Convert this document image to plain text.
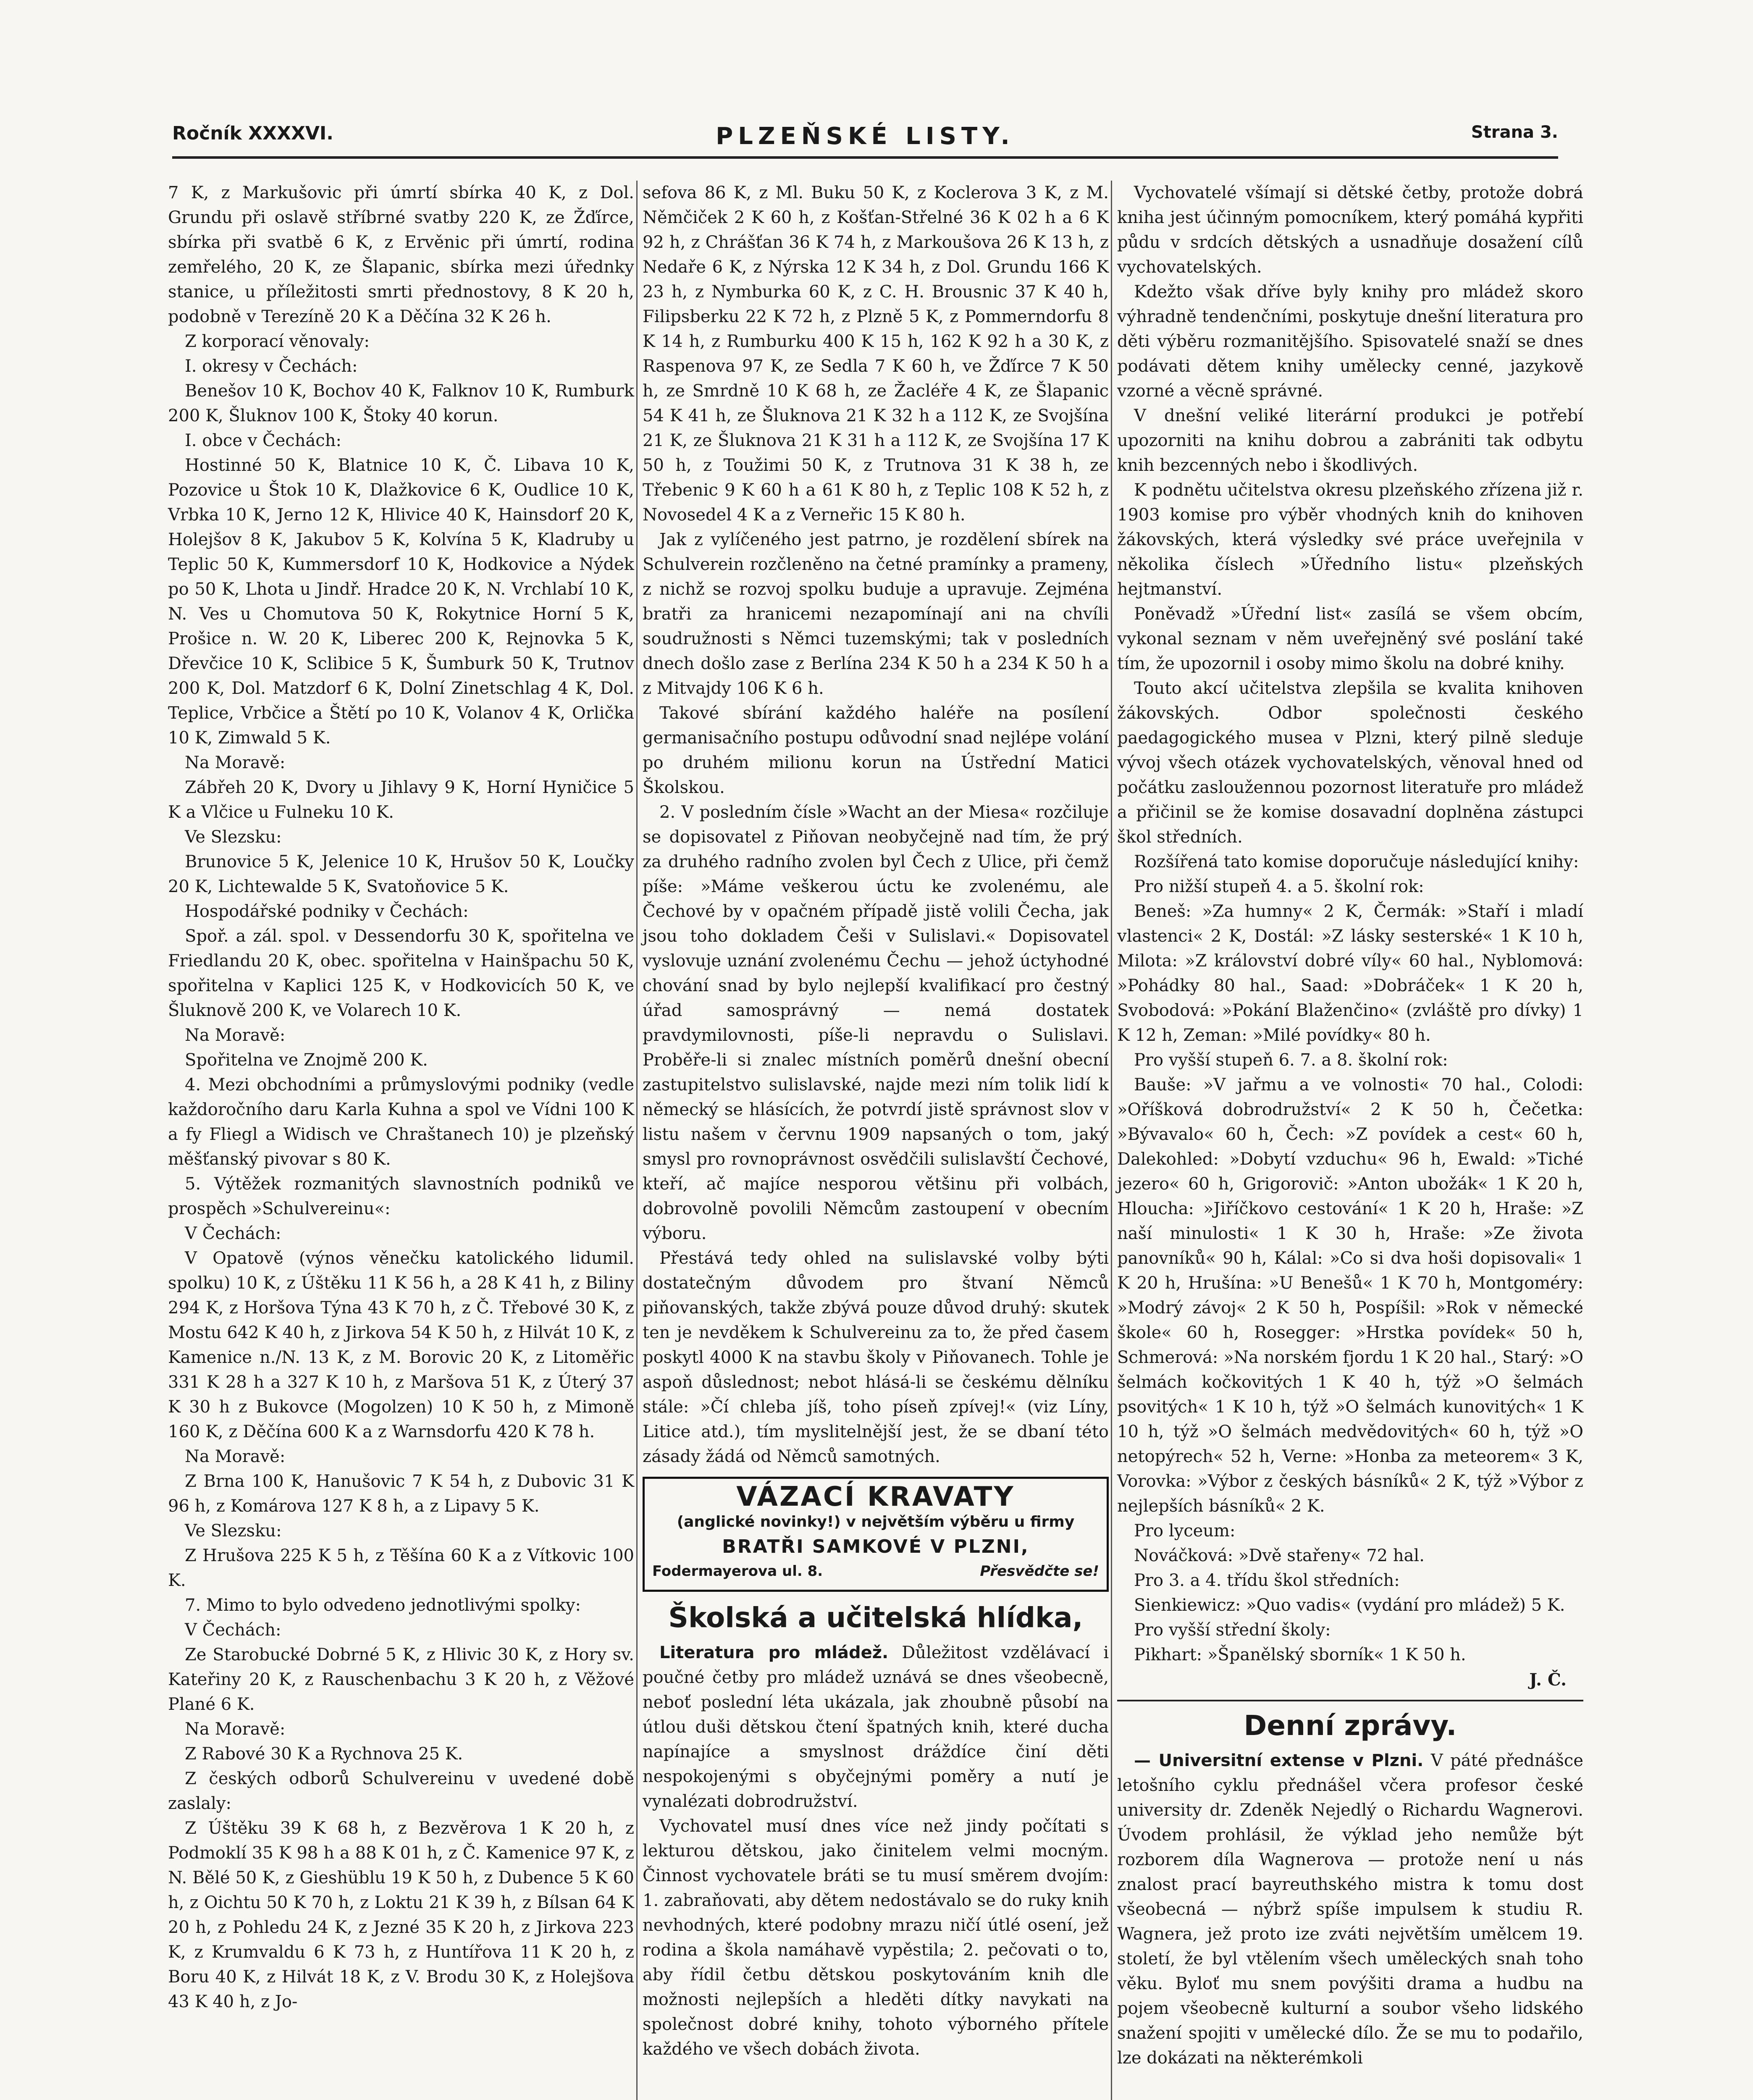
Ročník XXXXVI.	PLZEŇSKÉ LISTY.	Strana 3.

7 K, z Markušovic při úmrtí sbírka 40 K, z Dol. Grundu při oslavě stříbrné svatby 220 K, ze Žďírce, sbírka při svatbě 6 K, z Ervěnic při úmrtí, rodina zemřelého, 20 K, ze Šlapanic, sbírka mezi úřednky stanice, u příležitosti smrti přednostovy, 8 K 20 h, podobně v Terezíně 20 K a Děčína 32 K 26 h.

Z korporací věnovaly:

I. okresy v Čechách:

Benešov 10 K, Bochov 40 K, Falknov 10 K, Rumburk 200 K, Šluknov 100 K, Štoky 40 korun.

I. obce v Čechách:

Hostinné 50 K, Blatnice 10 K, Č. Libava 10 K, Pozovice u Štok 10 K, Dlažkovice 6 K, Oudlice 10 K, Vrbka 10 K, Jerno 12 K, Hlivice 40 K, Hainsdorf 20 K, Holejšov 8 K, Jakubov 5 K, Kolvína 5 K, Kladruby u Teplic 50 K, Kummersdorf 10 K, Hodkovice a Nýdek po 50 K, Lhota u Jindř. Hradce 20 K, N. Vrchlabí 10 K, N. Ves u Chomutova 50 K, Rokytnice Horní 5 K, Prošice n. W. 20 K, Liberec 200 K, Rejnovka 5 K, Dřevčice 10 K, Sclibice 5 K, Šumburk 50 K, Trutnov 200 K, Dol. Matzdorf 6 K, Dolní Zinetschlag 4 K, Dol. Teplice, Vrbčice a Štětí po 10 K, Volanov 4 K, Orlička 10 K, Zimwald 5 K.

Na Moravě:

Zábřeh 20 K, Dvory u Jihlavy 9 K, Horní Hyničice 5 K a Vlčice u Fulneku 10 K.

Ve Slezsku:

Brunovice 5 K, Jelenice 10 K, Hrušov 50 K, Loučky 20 K, Lichtewalde 5 K, Svatoňovice 5 K.

Hospodářské podniky v Čechách:

Spoř. a zál. spol. v Dessendorfu 30 K, spořitelna ve Friedlandu 20 K, obec. spořitelna v Hainšpachu 50 K, spořitelna v Kaplici 125 K, v Hodkovicích 50 K, ve Šluknově 200 K, ve Volarech 10 K.

Na Moravě:

Spořitelna ve Znojmě 200 K.

4. Mezi obchodními a průmyslovými podniky (vedle každoročního daru Karla Kuhna a spol ve Vídni 100 K a fy Fliegl a Widisch ve Chraštanech 10) je plzeňský měšťanský pivovar s 80 K.

5. Výtěžek rozmanitých slavnostních podniků ve prospěch »Schulvereinu«:

V Čechách:

V Opatově (výnos věnečku katolického lidumil. spolku) 10 K, z Úštěku 11 K 56 h, a 28 K 41 h, z Biliny 294 K, z Horšova Týna 43 K 70 h, z Č. Třebové 30 K, z Mostu 642 K 40 h, z Jirkova 54 K 50 h, z Hilvát 10 K, z Kamenice n./N. 13 K, z M. Borovic 20 K, z Litoměřic 331 K 28 h a 327 K 10 h, z Maršova 51 K, z Úterý 37 K 30 h z Bukovce (Mogolzen) 10 K 50 h, z Mimoně 160 K, z Děčína 600 K a z Warnsdorfu 420 K 78 h.

Na Moravě:

Z Brna 100 K, Hanušovic 7 K 54 h, z Dubovic 31 K 96 h, z Komárova 127 K 8 h, a z Lipavy 5 K.

Ve Slezsku:

Z Hrušova 225 K 5 h, z Těšína 60 K a z Vítkovic 100 K.

7. Mimo to bylo odvedeno jednotlivými spolky:

V Čechách:

Ze Starobucké Dobrné 5 K, z Hlivic 30 K, z Hory sv. Kateřiny 20 K, z Rauschenbachu 3 K 20 h, z Věžové Plané 6 K.

Na Moravě:

Z Rabové 30 K a Rychnova 25 K.

Z českých odborů Schulvereinu v uvedené době zaslaly:

Z Úštěku 39 K 68 h, z Bezvěrova 1 K 20 h, z Podmoklí 35 K 98 h a 88 K 01 h, z Č. Kamenice 97 K, z N. Bělé 50 K, z Gieshüblu 19 K 50 h, z Dubence 5 K 60 h, z Oichtu 50 K 70 h, z Loktu 21 K 39 h, z Bílsan 64 K 20 h, z Pohledu 24 K, z Jezné 35 K 20 h, z Jirkova 223 K, z Krumvaldu 6 K 73 h, z Huntířova 11 K 20 h, z Boru 40 K, z Hilvát 18 K, z V. Brodu 30 K, z Holejšova 43 K 40 h, z Jo-

sefova 86 K, z Ml. Buku 50 K, z Koclerova 3 K, z M. Němčiček 2 K 60 h, z Košťan-Střelné 36 K 02 h a 6 K 92 h, z Chrášťan 36 K 74 h, z Markoušova 26 K 13 h, z Nedaře 6 K, z Nýrska 12 K 34 h, z Dol. Grundu 166 K 23 h, z Nymburka 60 K, z C. H. Brousnic 37 K 40 h, Filipsberku 22 K 72 h, z Plzně 5 K, z Pommerndorfu 8 K 14 h, z Rumburku 400 K 15 h, 162 K 92 h a 30 K, z Raspenova 97 K, ze Sedla 7 K 60 h, ve Žďírce 7 K 50 h, ze Smrdně 10 K 68 h, ze Žacléře 4 K, ze Šlapanic 54 K 41 h, ze Šluknova 21 K 32 h a 112 K, ze Svojšína 21 K, ze Šluknova 21 K 31 h a 112 K, ze Svojšína 17 K 50 h, z Toužimi 50 K, z Trutnova 31 K 38 h, ze Třebenic 9 K 60 h a 61 K 80 h, z Teplic 108 K 52 h, z Novosedel 4 K a z Verneřic 15 K 80 h.

Jak z vylíčeného jest patrno, je rozdělení sbírek na Schulverein rozčleněno na četné pramínky a prameny, z nichž se rozvoj spolku buduje a upravuje. Zejména bratři za hranicemi nezapomínají ani na chvíli soudružnosti s Němci tuzemskými; tak v posledních dnech došlo zase z Berlína 234 K 50 h a 234 K 50 h a z Mitvajdy 106 K 6 h.

Takové sbírání každého haléře na posílení germanisačního postupu odůvodní snad nejlépe volání po druhém milionu korun na Ústřední Matici Školskou.

2. V posledním čísle »Wacht an der Miesa« rozčiluje se dopisovatel z Piňovan neobyčejně nad tím, že prý za druhého radního zvolen byl Čech z Ulice, při čemž píše: »Máme veškerou úctu ke zvolenému, ale Čechové by v opačném případě jistě volili Čecha, jak jsou toho dokladem Češi v Sulislavi.« Dopisovatel vyslovuje uznání zvolenému Čechu — jehož úctyhodné chování snad by bylo nejlepší kvalifikací pro čestný úřad samosprávný — nemá dostatek pravdymilovnosti, píše-li nepravdu o Sulislavi. Proběře-li si znalec místních poměrů dnešní obecní zastupitelstvo sulislavské, najde mezi ním tolik lidí k německý se hlásících, že potvrdí jistě správnost slov v listu našem v červnu 1909 napsaných o tom, jaký smysl pro rovnoprávnost osvědčili sulislavští Čechové, kteří, ač majíce nesporou většinu při volbách, dobrovolně povolili Němcům zastoupení v obecním výboru.

Přestává tedy ohled na sulislavské volby býti dostatečným důvodem pro štvaní Němců piňovanských, takže zbývá pouze důvod druhý: skutek ten je nevděkem k Schulvereinu za to, že před časem poskytl 4000 K na stavbu školy v Piňovanech. Tohle je aspoň důslednost; nebot hlásá-li se českému dělníku stále: »Čí chleba jíš, toho píseň zpívej!« (viz Líny, Litice atd.), tím myslitelnější jest, že se dbaní této zásady žádá od Němců samotných.

VÁZACÍ KRAVATY
(anglické novinky!) v největším výběru u firmy
BRATŘI SAMKOVÉ V PLZNI,
Přesvědčte se!
Fodermayerova ul. 8.
Školská a učitelská hlídka,

Literatura pro mládež. Důležitost vzdělávací i poučné četby pro mládež uznává se dnes všeobecně, neboť poslední léta ukázala, jak zhoubně působí na útlou duši dětskou čtení špatných knih, které ducha napínajíce a smyslnost dráždíce činí děti nespokojenými s obyčejnými poměry a nutí je vynalézati dobrodružství.

Vychovatel musí dnes více než jindy počítati s lekturou dětskou, jako činitelem velmi mocným. Činnost vychovatele bráti se tu musí směrem dvojím: 1. zabraňovati, aby dětem nedostávalo se do ruky knih nevhodných, které podobny mrazu ničí útlé osení, jež rodina a škola namáhavě vypěstila; 2. pečovati o to, aby řídil četbu dětskou poskytováním knih dle možnosti nejlepších a hleděti dítky navykati na společnost dobré knihy, tohoto výborného přítele každého ve všech dobách života.

Vychovatelé všímají si dětské četby, protože dobrá kniha jest účinným pomocníkem, který pomáhá kypřiti půdu v srdcích dětských a usnadňuje dosažení cílů vychovatelských.

Kdežto však dříve byly knihy pro mládež skoro výhradně tendenčními, poskytuje dnešní literatura pro děti výběru rozmanitějšího. Spisovatelé snaží se dnes podávati dětem knihy umělecky cenné, jazykově vzorné a věcně správné.

V dnešní veliké literární produkci je potřebí upozorniti na knihu dobrou a zabrániti tak odbytu knih bezcenných nebo i škodlivých.

K podnětu učitelstva okresu plzeňského zřízena již r. 1903 komise pro výběr vhodných knih do knihoven žákovských, která výsledky své práce uveřejnila v několika číslech »Úředního listu« plzeňských hejtmanství.

Poněvadž »Úřední list« zasílá se všem obcím, vykonal seznam v něm uveřejněný své poslání také tím, že upozornil i osoby mimo školu na dobré knihy.

Touto akcí učitelstva zlepšila se kvalita knihoven žákovských. Odbor společnosti českého paedagogického musea v Plzni, který pilně sleduje vývoj všech otázek vychovatelských, věnoval hned od počátku zasloužennou pozornost literatuře pro mládež a přičinil se že komise dosavadní doplněna zástupci škol středních.

Rozšířená tato komise doporučuje následující knihy:

Pro nižší stupeň 4. a 5. školní rok:

Beneš: »Za humny« 2 K, Čermák: »Staří i mladí vlastenci« 2 K, Dostál: »Z lásky sesterské« 1 K 10 h, Milota: »Z království dobré víly« 60 hal., Nyblomová: »Pohádky 80 hal., Saad: »Dobráček« 1 K 20 h, Svobodová: »Pokání Blaženčino« (zvláště pro dívky) 1 K 12 h, Zeman: »Milé povídky« 80 h.

Pro vyšší stupeň 6. 7. a 8. školní rok:

Bauše: »V jařmu a ve volnosti« 70 hal., Colodi: »Oříšková dobrodružství« 2 K 50 h, Čečetka: »Bývavalo« 60 h, Čech: »Z povídek a cest« 60 h, Dalekohled: »Dobytí vzduchu« 96 h, Ewald: »Tiché jezero« 60 h, Grigorovič: »Anton ubožák« 1 K 20 h, Hloucha: »Jiříčkovo cestování« 1 K 20 h, Hraše: »Z naší minulosti« 1 K 30 h, Hraše: »Ze života panovníků« 90 h, Kálal: »Co si dva hoši dopisovali« 1 K 20 h, Hrušína: »U Benešů« 1 K 70 h, Montgoméry: »Modrý závoj« 2 K 50 h, Pospíšil: »Rok v německé škole« 60 h, Rosegger: »Hrstka povídek« 50 h, Schmerová: »Na norském fjordu 1 K 20 hal., Starý: »O šelmách kočkovitých 1 K 40 h, týž »O šelmách psovitých« 1 K 10 h, týž »O šelmách kunovitých« 1 K 10 h, týž »O šelmách medvědovitých« 60 h, týž »O netopýrech« 52 h, Verne: »Honba za meteorem« 3 K, Vorovka: »Výbor z českých básníků« 2 K, týž »Výbor z nejlepších básníků« 2 K.

Pro lyceum:

Nováčková: »Dvě stařeny« 72 hal.

Pro 3. a 4. třídu škol středních:

Sienkiewicz: »Quo vadis« (vydání pro mládež) 5 K.

Pro vyšší střední školy:

Pikhart: »Španělský sborník« 1 K 50 h.

J. Č.
Denní zprávy.

— Universitní extense v Plzni. V páté přednášce letošního cyklu přednášel včera profesor české university dr. Zdeněk Nejedlý o Richardu Wagnerovi. Úvodem prohlásil, že výklad jeho nemůže být rozborem díla Wagnerova — protože není u nás znalost prací bayreuthského mistra k tomu dost všeobecná — nýbrž spíše impulsem k studiu R. Wagnera, jež proto ize zváti největším umělcem 19. století, že byl vtělením všech uměleckých snah toho věku. Byloť mu snem povýšiti drama a hudbu na pojem všeobecně kulturní a soubor všeho lidského snažení spojiti v umělecké dílo. Že se mu to podařilo, lze dokázati na některémkoli
